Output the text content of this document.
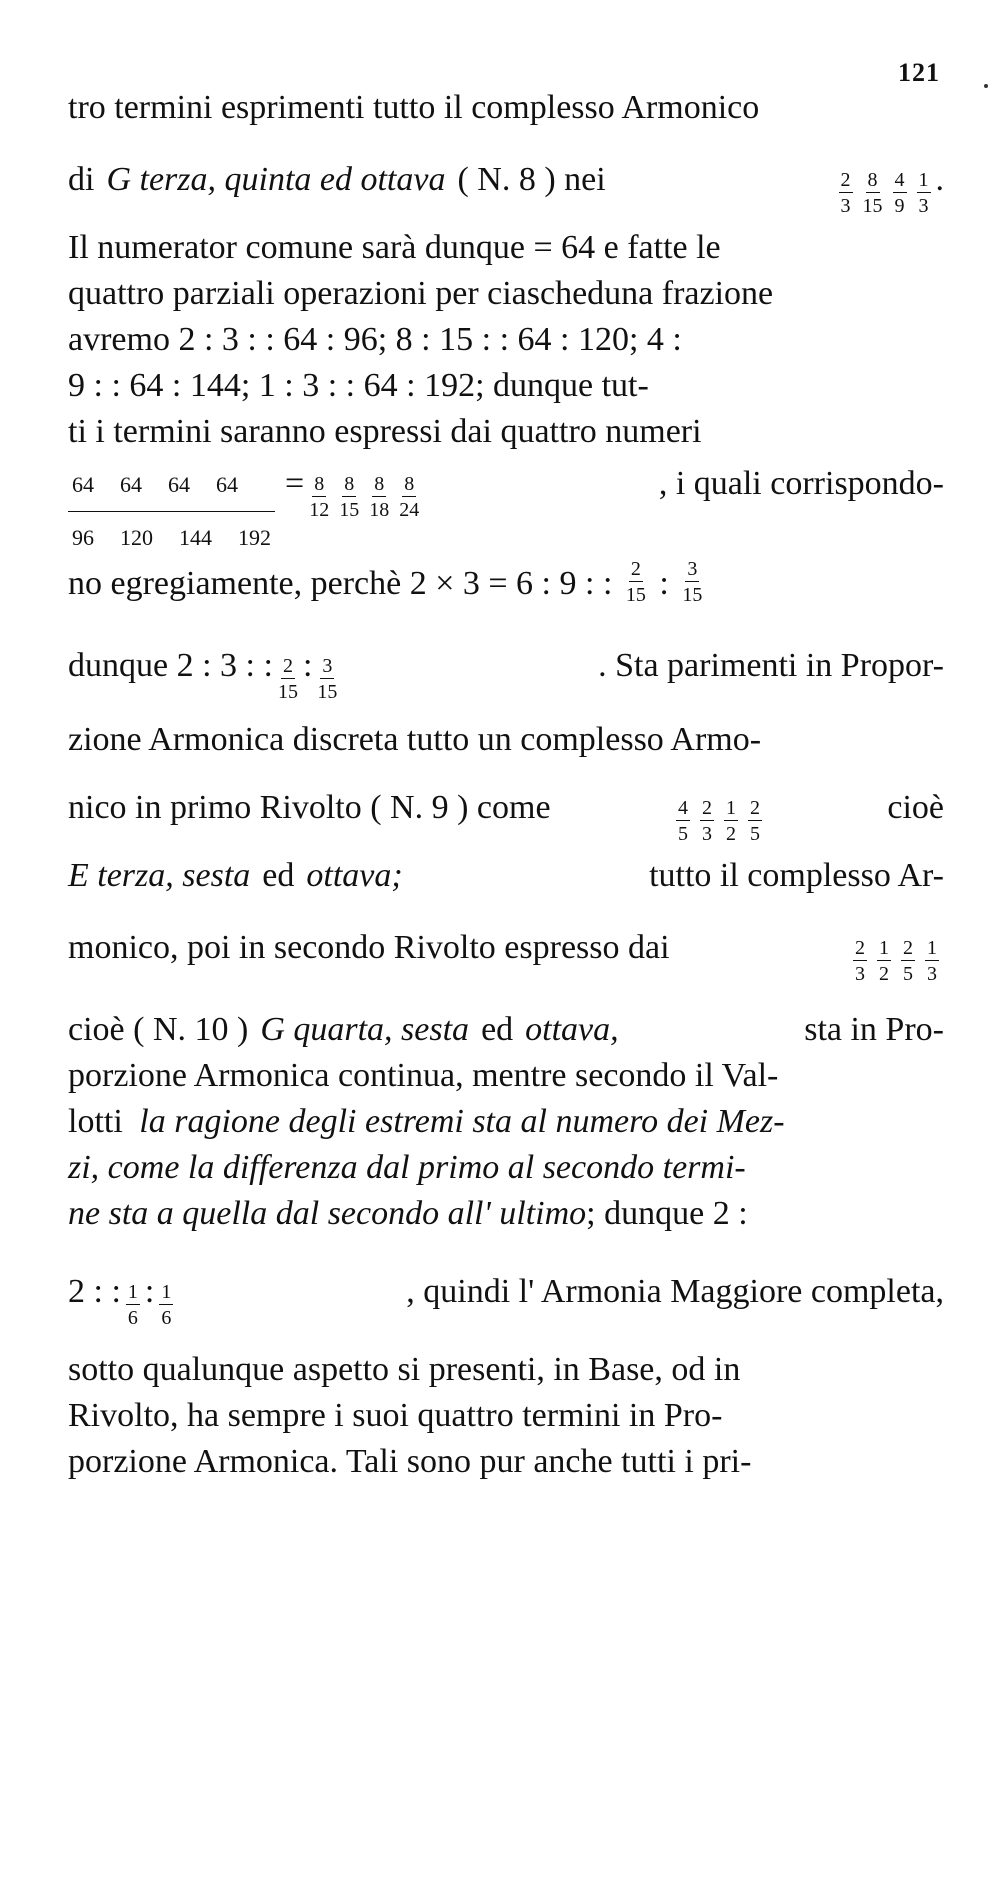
121
tro termini esprimenti tutto il complesso Armonico
di G terza, quinta ed ottava ( N. 8 ) nei	$\frac{2}{3} \frac{8}{15} \frac{4}{9} \frac{1}{3}$ .
Il numerator comune sarà dunque = 64 e fatte le
quattro parziali operazioni per ciascheduna frazione
avremo 2 : 3 : : 64 : 96; 8 : 15 : : 64 : 120; 4 :
9 : : 64 : 144; 1 : 3 : : 64 : 192; dunque tut-
ti i termini saranno espressi dai quattro numeri
$\frac{64 64 64 64}{96 120 144 192} = \frac{8}{12} \frac{8}{15} \frac{8}{18} \frac{8}{24}$	, i quali corrispondo-
no egregiamente, perchè 2 × 3 = 6 : 9 : : $\frac{2}{15}$ : $\frac{3}{15}$
dunque 2 : 3 : : $\frac{2}{15}$ : $\frac{3}{15}$	. Sta parimenti in Propor-
zione Armonica discreta tutto un complesso Armo-
nico in primo Rivolto ( N. 9 ) come	$\frac{4}{5} \frac{2}{3} \frac{1}{2} \frac{2}{5}$	cioè
E terza, sesta ed ottava;	tutto il complesso Ar-
monico, poi in secondo Rivolto espresso dai	$\frac{2}{3} \frac{1}{2} \frac{2}{5} \frac{1}{3}$
cioè ( N. 10 ) G quarta, sesta ed ottava,	sta in Pro-
porzione Armonica continua, mentre secondo il Val-
lotti la ragione degli estremi sta al numero dei Mez-
zi, come la differenza dal primo al secondo termi-
ne sta a quella dal secondo all' ultimo; dunque 2 :
2 : : $\frac{1}{6}$ : $\frac{1}{6}$	, quindi l' Armonia Maggiore completa,
sotto qualunque aspetto si presenti, in Base, od in
Rivolto, ha sempre i suoi quattro termini in Pro-
porzione Armonica. Tali sono pur anche tutti i pri-
